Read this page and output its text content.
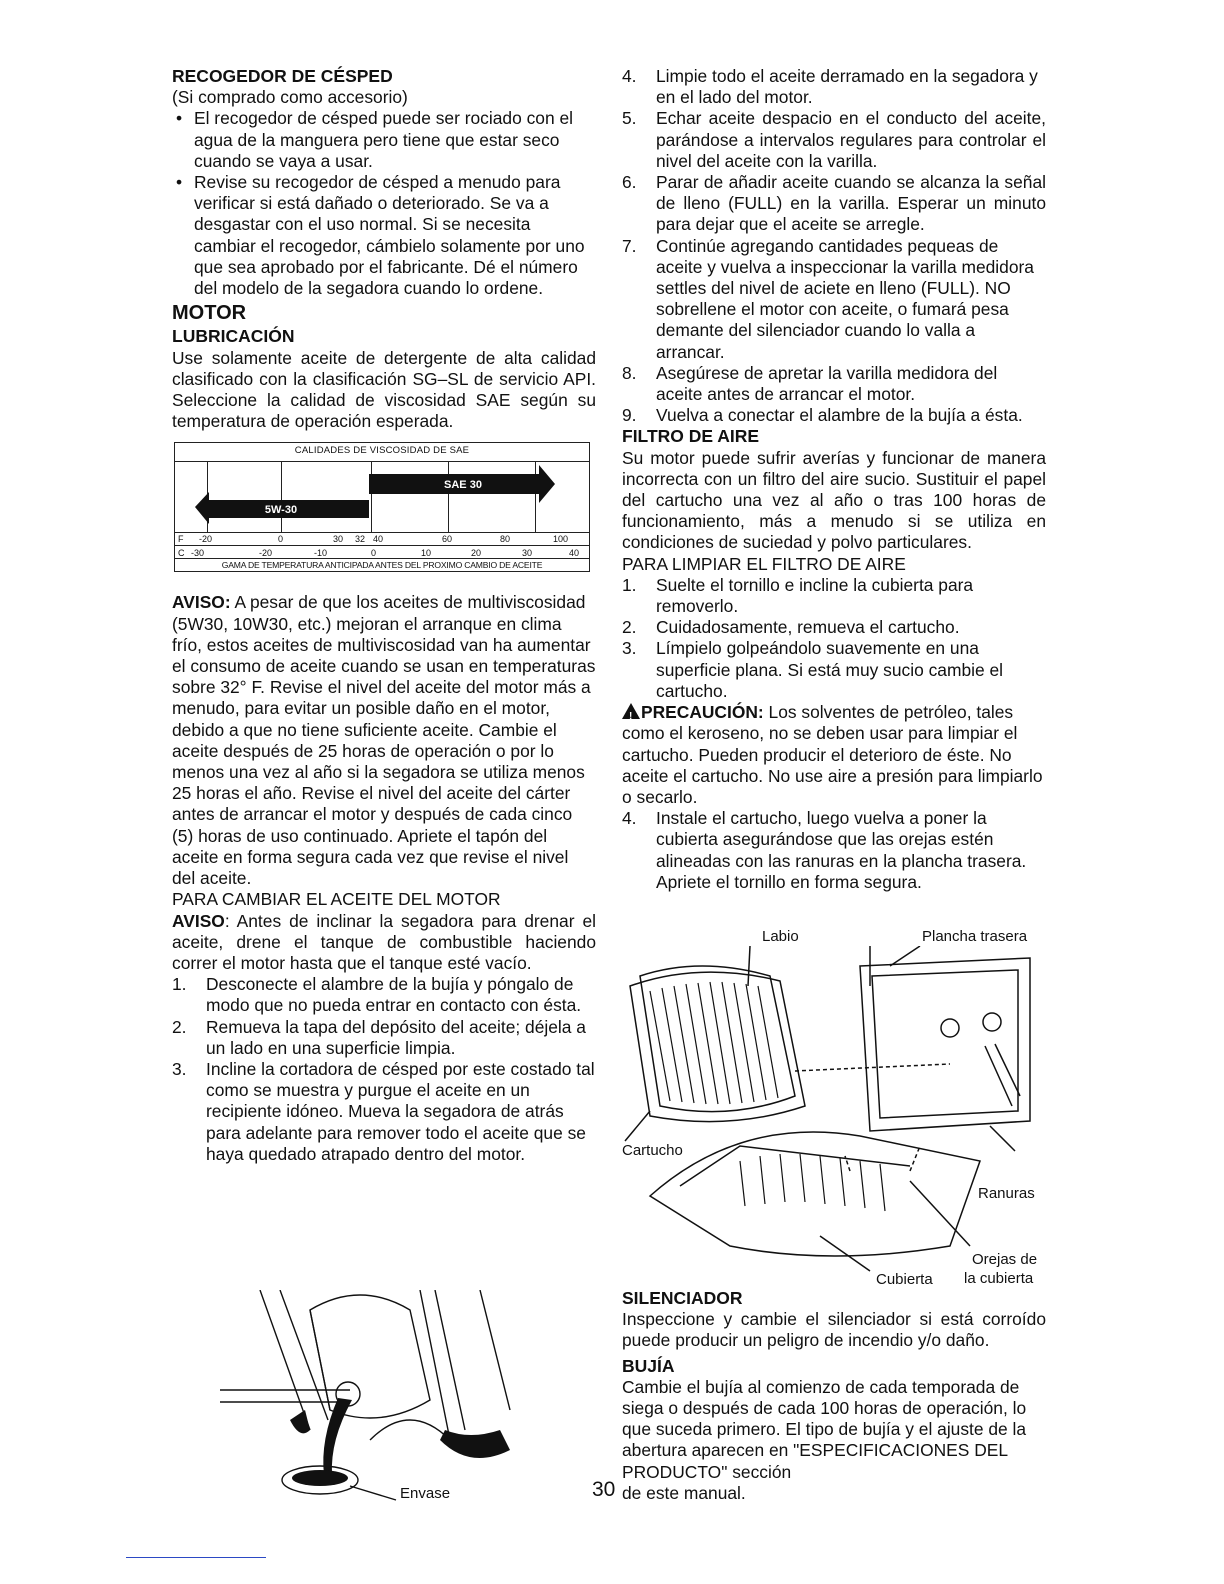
RECOGEDOR DE CÉSPED
(Si comprado como accesorio)
• El recogedor de césped puede ser rociado con el agua de la manguera pero tiene que estar seco cuando se vaya a usar.
• Revise su recogedor de césped a menudo para verificar si está dañado o deteriorado. Se va a desgastar con el uso normal. Si se necesita cambiar el recogedor, cámbielo solamente por uno que sea aprobado por el fabricante. Dé el número del modelo de la segadora cuando lo ordene.
MOTOR
LUBRICACIÓN
Use solamente aceite de detergente de alta calidad clasificado con la clasificación SG–SL de servicio API. Seleccione la calidad de viscosidad SAE según su temperatura de operación esperada.
CALIDADES DE VISCOSIDAD DE SAE
SAE 30
5W-30
F -20	0	30 32 40	60	80	100
C -30	-20	-10	0	10	20	30	40
GAMA DE TEMPERATURA ANTICIPADA ANTES DEL PROXIMO CAMBIO DE ACEITE
AVISO: A pesar de que los aceites de multiviscosidad (5W30, 10W30, etc.) mejoran el arranque en clima frío, estos aceites de multiviscosidad van ha aumentar el consumo de aceite cuando se usan en temperaturas sobre 32° F. Revise el nivel del aceite del motor más a menudo, para evitar un posible daño en el motor, debido a que no tiene suficiente aceite. Cambie el aceite después de 25 horas de operación o por lo menos una vez al año si la segadora se utiliza menos 25 horas el año. Revise el nivel del aceite del cárter antes de arrancar el motor y después de cada cinco (5) horas de uso continuado. Apriete el tapón del aceite en forma segura cada vez que revise el nivel del aceite.
PARA CAMBIAR EL ACEITE DEL MOTOR
AVISO: Antes de inclinar la segadora para drenar el aceite, drene el tanque de combustible haciendo correr el motor hasta que el tanque esté vacío.
1.	Desconecte el alambre de la bujía y póngalo de modo que no pueda entrar en contacto con ésta.
2.	Remueva la tapa del depósito del aceite; déjela a un lado en una superficie limpia.
3.	Incline la cortadora de césped por este costado tal como se muestra y purgue el aceite en un recipiente idóneo. Mueva la segadora de atrás para adelante para remover todo el aceite que se haya quedado atrapado dentro del motor.
Envase
4.	Limpie todo el aceite derramado en la segadora y en el lado del motor.
5.	Echar aceite despacio en el conducto del aceite, parándose a intervalos regulares para controlar el nivel del aceite con la varilla.
6.	Parar de añadir aceite cuando se alcanza la señal de lleno (FULL) en la varilla. Esperar un minuto para dejar que el aceite se arregle.
7.	Continúe agregando cantidades pequeas de aceite y vuelva a inspeccionar la varilla medidora settles del nivel de aciete en lleno (FULL). NO sobrellene el motor con aceite, o fumará pesa demante del silenciador cuando lo valla a arrancar.
8.	Asegúrese de apretar la varilla medidora del aceite antes de arrancar el motor.
9.	Vuelva a conectar el alambre de la bujía a ésta.
FILTRO DE AIRE
Su motor puede sufrir averías y funcionar de manera incorrecta con un filtro del aire sucio. Sustituir el papel del cartucho una vez al año o tras 100 horas de funcionamiento, más a menudo si se utiliza en condiciones de suciedad y polvo particulares.
PARA LIMPIAR EL FILTRO DE AIRE
1.	Suelte el tornillo e incline la cubierta para removerlo.
2.	Cuidadosamente, remueva el cartucho.
3.	Límpielo golpeándolo suavemente en una superficie plana. Si está muy sucio cambie el cartucho.
!PRECAUCIÓN: Los solventes de petróleo, tales como el keroseno, no se deben usar para limpiar el cartucho. Pueden producir el deterioro de éste. No aceite el cartucho. No use aire a presión para limpiarlo o secarlo.
4.	Instale el cartucho, luego vuelva a poner la cubierta asegurándose que las orejas estén alineadas con las ranuras en la plancha trasera. Apriete el tornillo en forma segura.
Labio	Plancha trasera
Cartucho
Ranuras
Orejas de
la cubierta
Cubierta
SILENCIADOR
Inspeccione y cambie el silenciador si está corroído puede producir un peligro de incendio y/o daño.
BUJÍA
Cambie el bujía al comienzo de cada temporada de siega o después de cada 100 horas de operación, lo que suceda primero. El tipo de bujía y el ajuste de la abertura aparecen en "ESPECIFICACIONES DEL PRODUCTO" sección
de este manual.
30
